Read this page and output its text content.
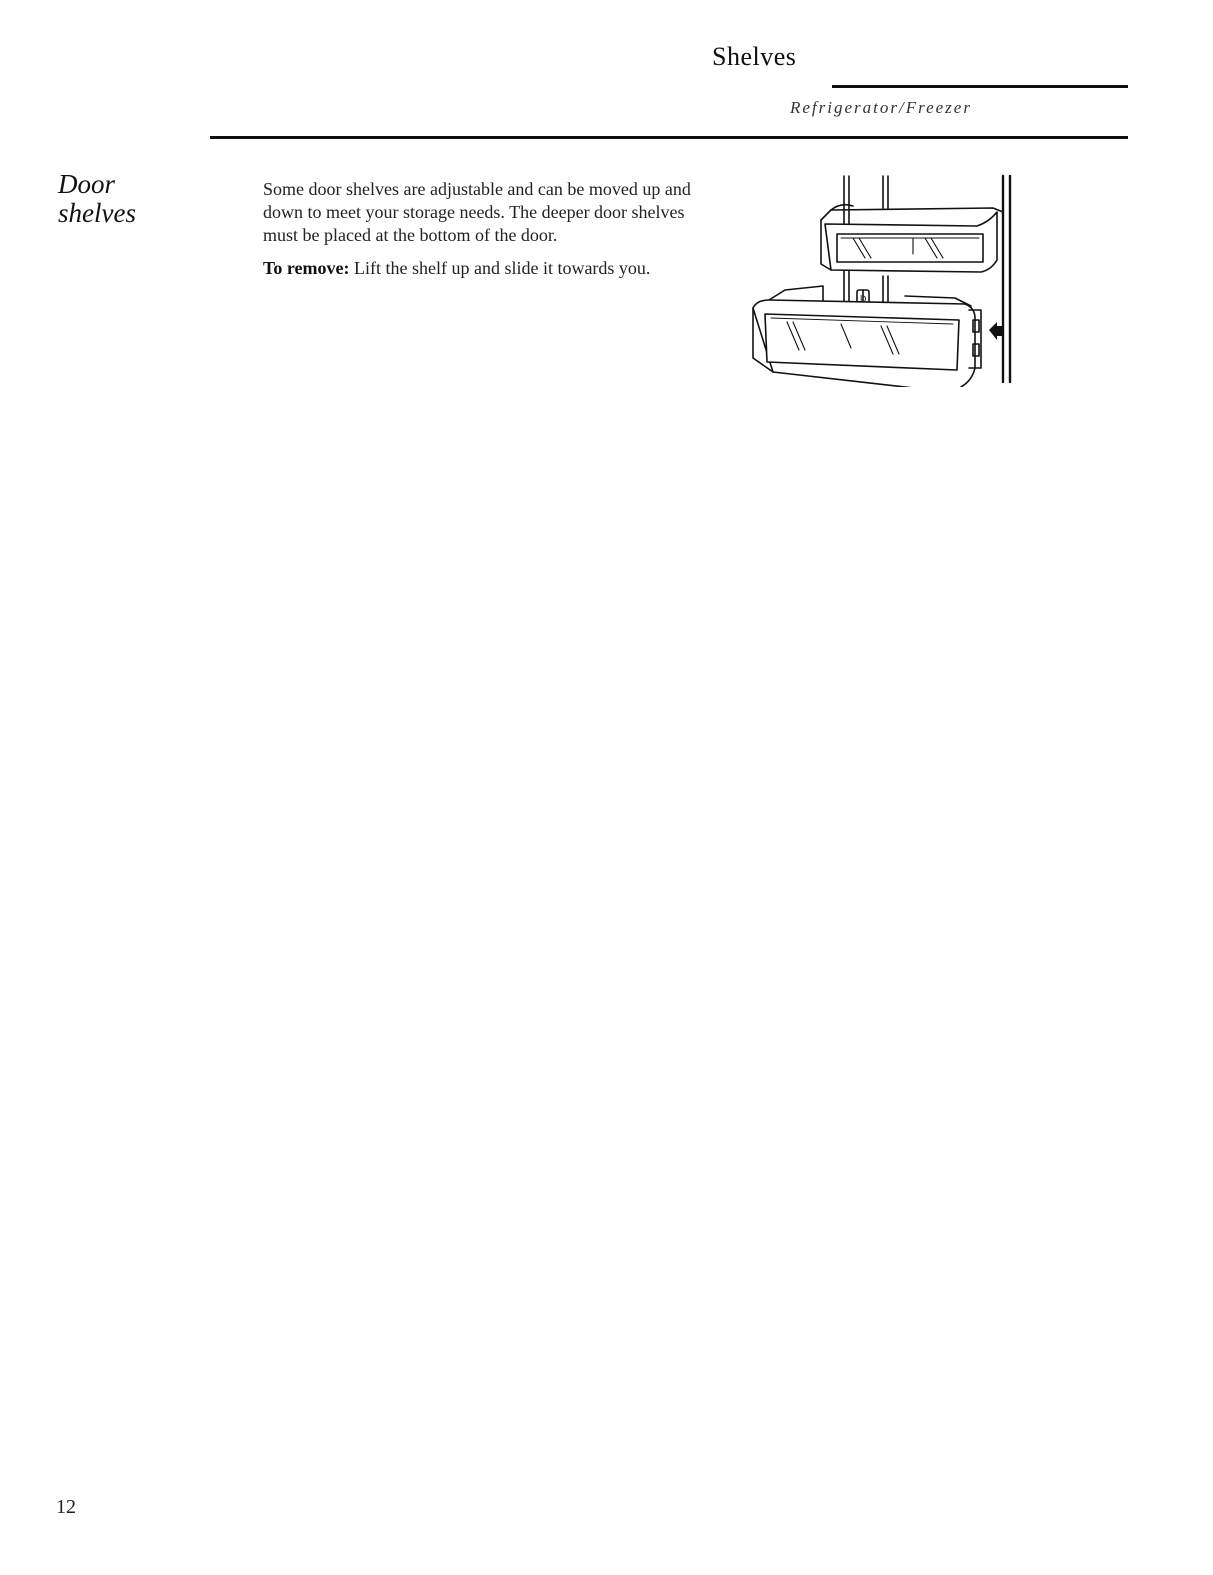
Shelves
Refrigerator/Freezer
Door
shelves

Some door shelves are adjustable and can be moved up and down to meet your storage needs. The deeper door shelves must be placed at the bottom of the door.

To remove: Lift the shelf up and slide it towards you.

D
12
